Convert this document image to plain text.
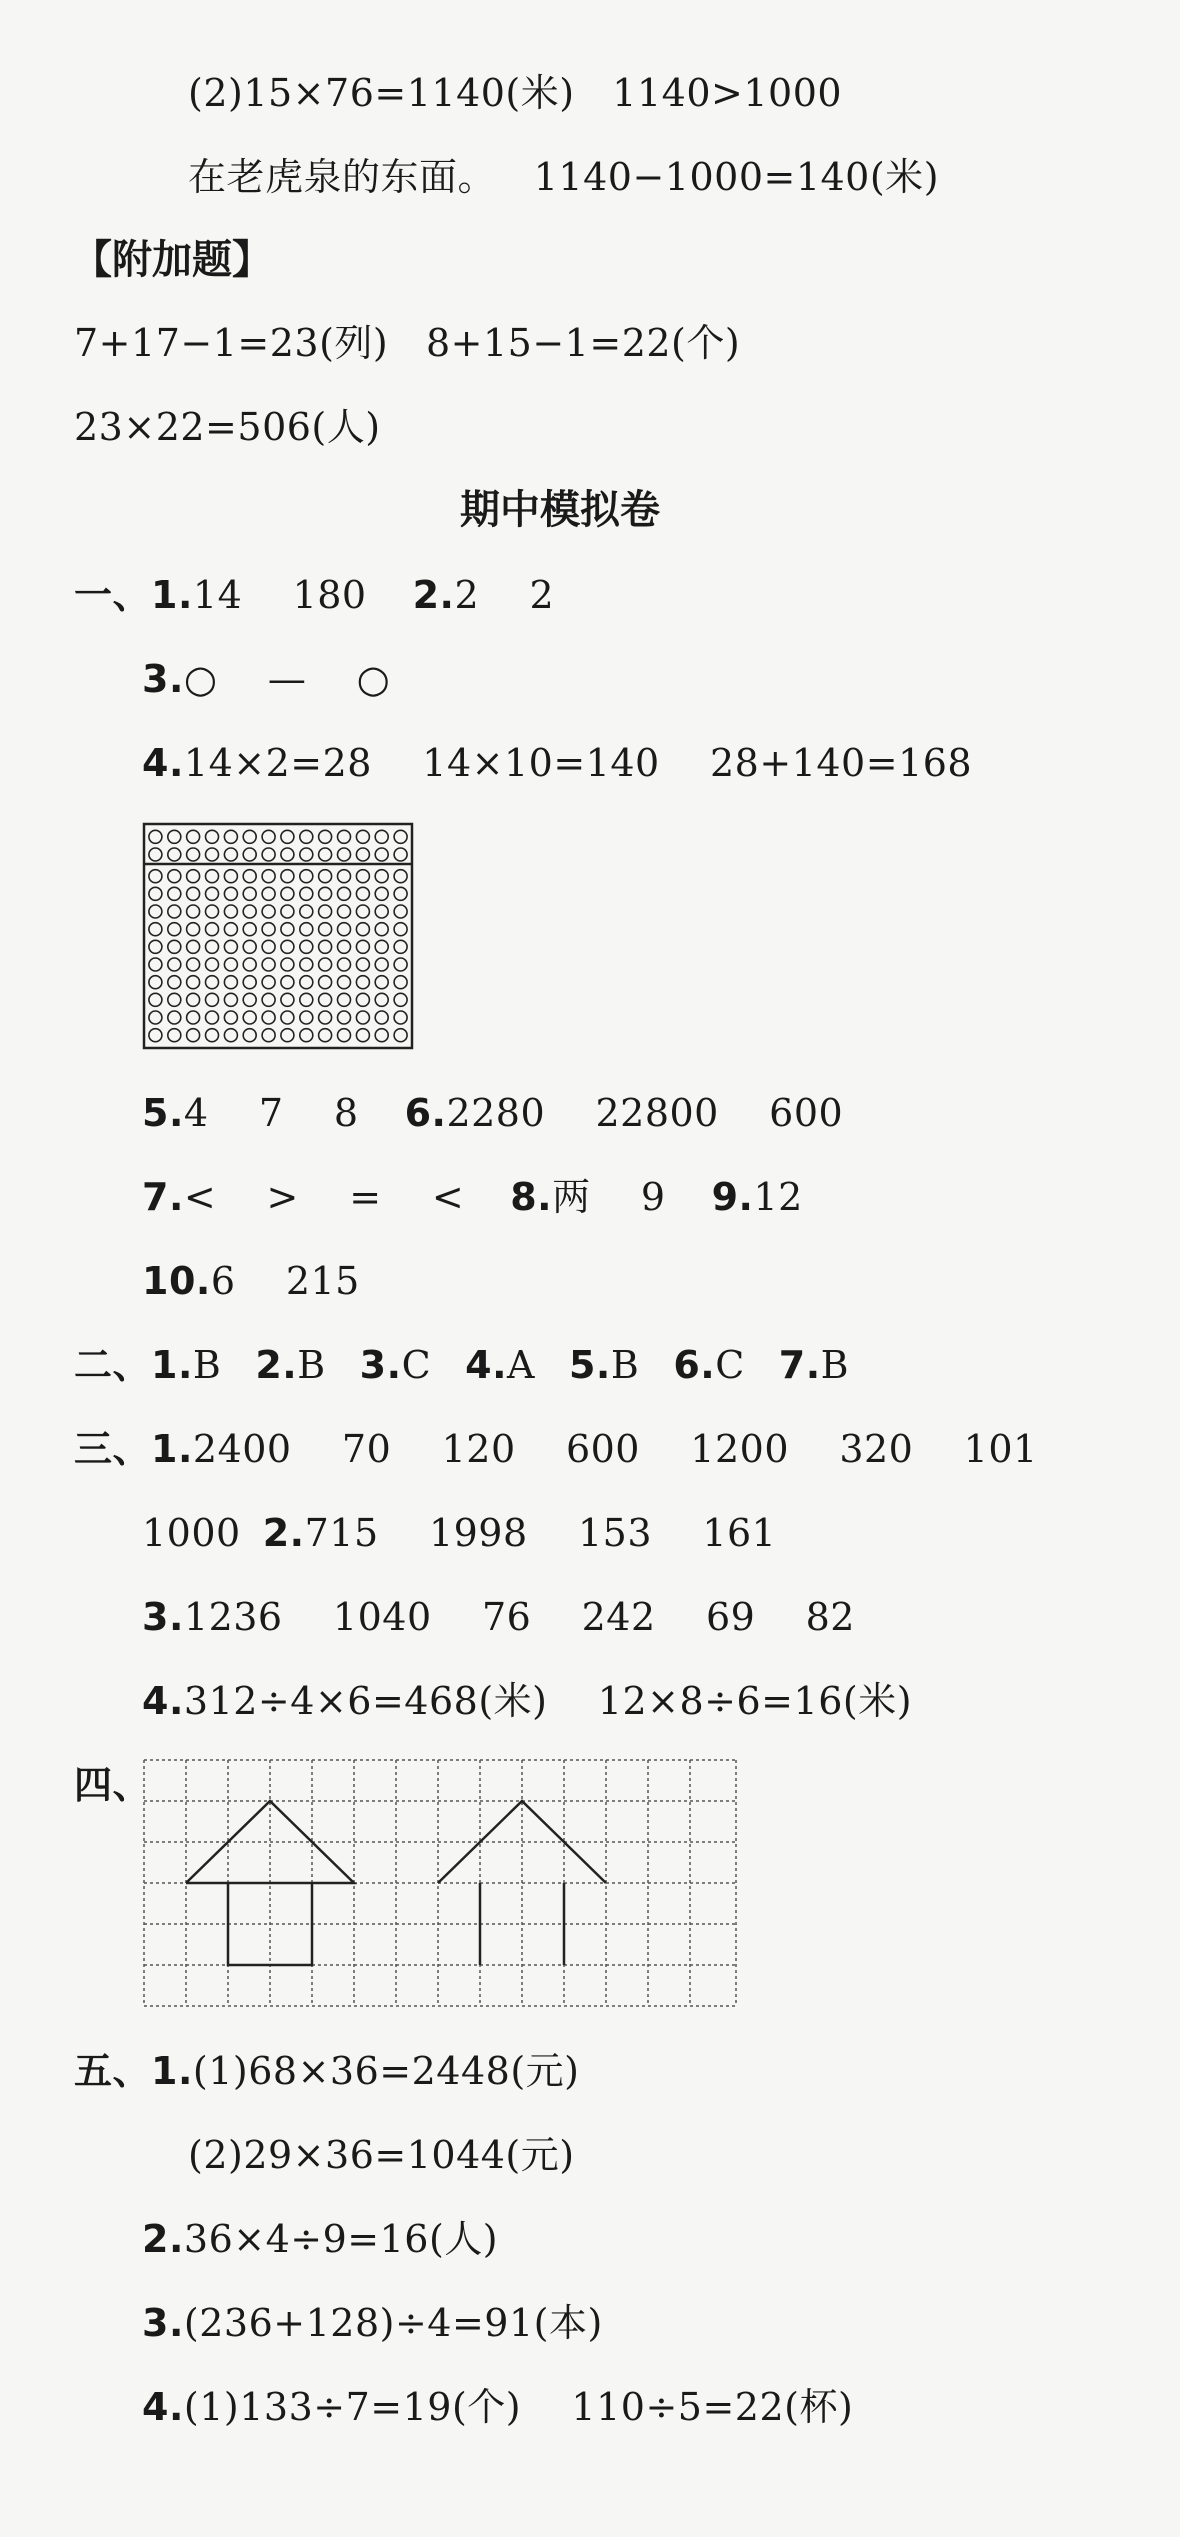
(2)15×76=1140(米)   1140>1000
在老虎泉的东面。   1140−1000=140(米)
【附加题】
7+17−1=23(列)   8+15−1=22(个)
23×22=506(人)
期中模拟卷
一、1.14    180 2.2    2
3.○    —    ○
4.14×2=28    14×10=140    28+140=168
5.4    7    8 6.2280    22800    600
7.<    >    =    < 8.两    9 9.12
10.6    215
二、1.B 2.B 3.C 4.A 5.B 6.C 7.B
三、1.2400    70    120    600    1200    320    101
1000 2.715    1998    153    161
3.1236    1040    76    242    69    82
4.312÷4×6=468(米)    12×8÷6=16(米)
四、
五、1.(1)68×36=2448(元)
(2)29×36=1044(元)
2.36×4÷9=16(人)
3.(236+128)÷4=91(本)
4.(1)133÷7=19(个)    110÷5=22(杯)
